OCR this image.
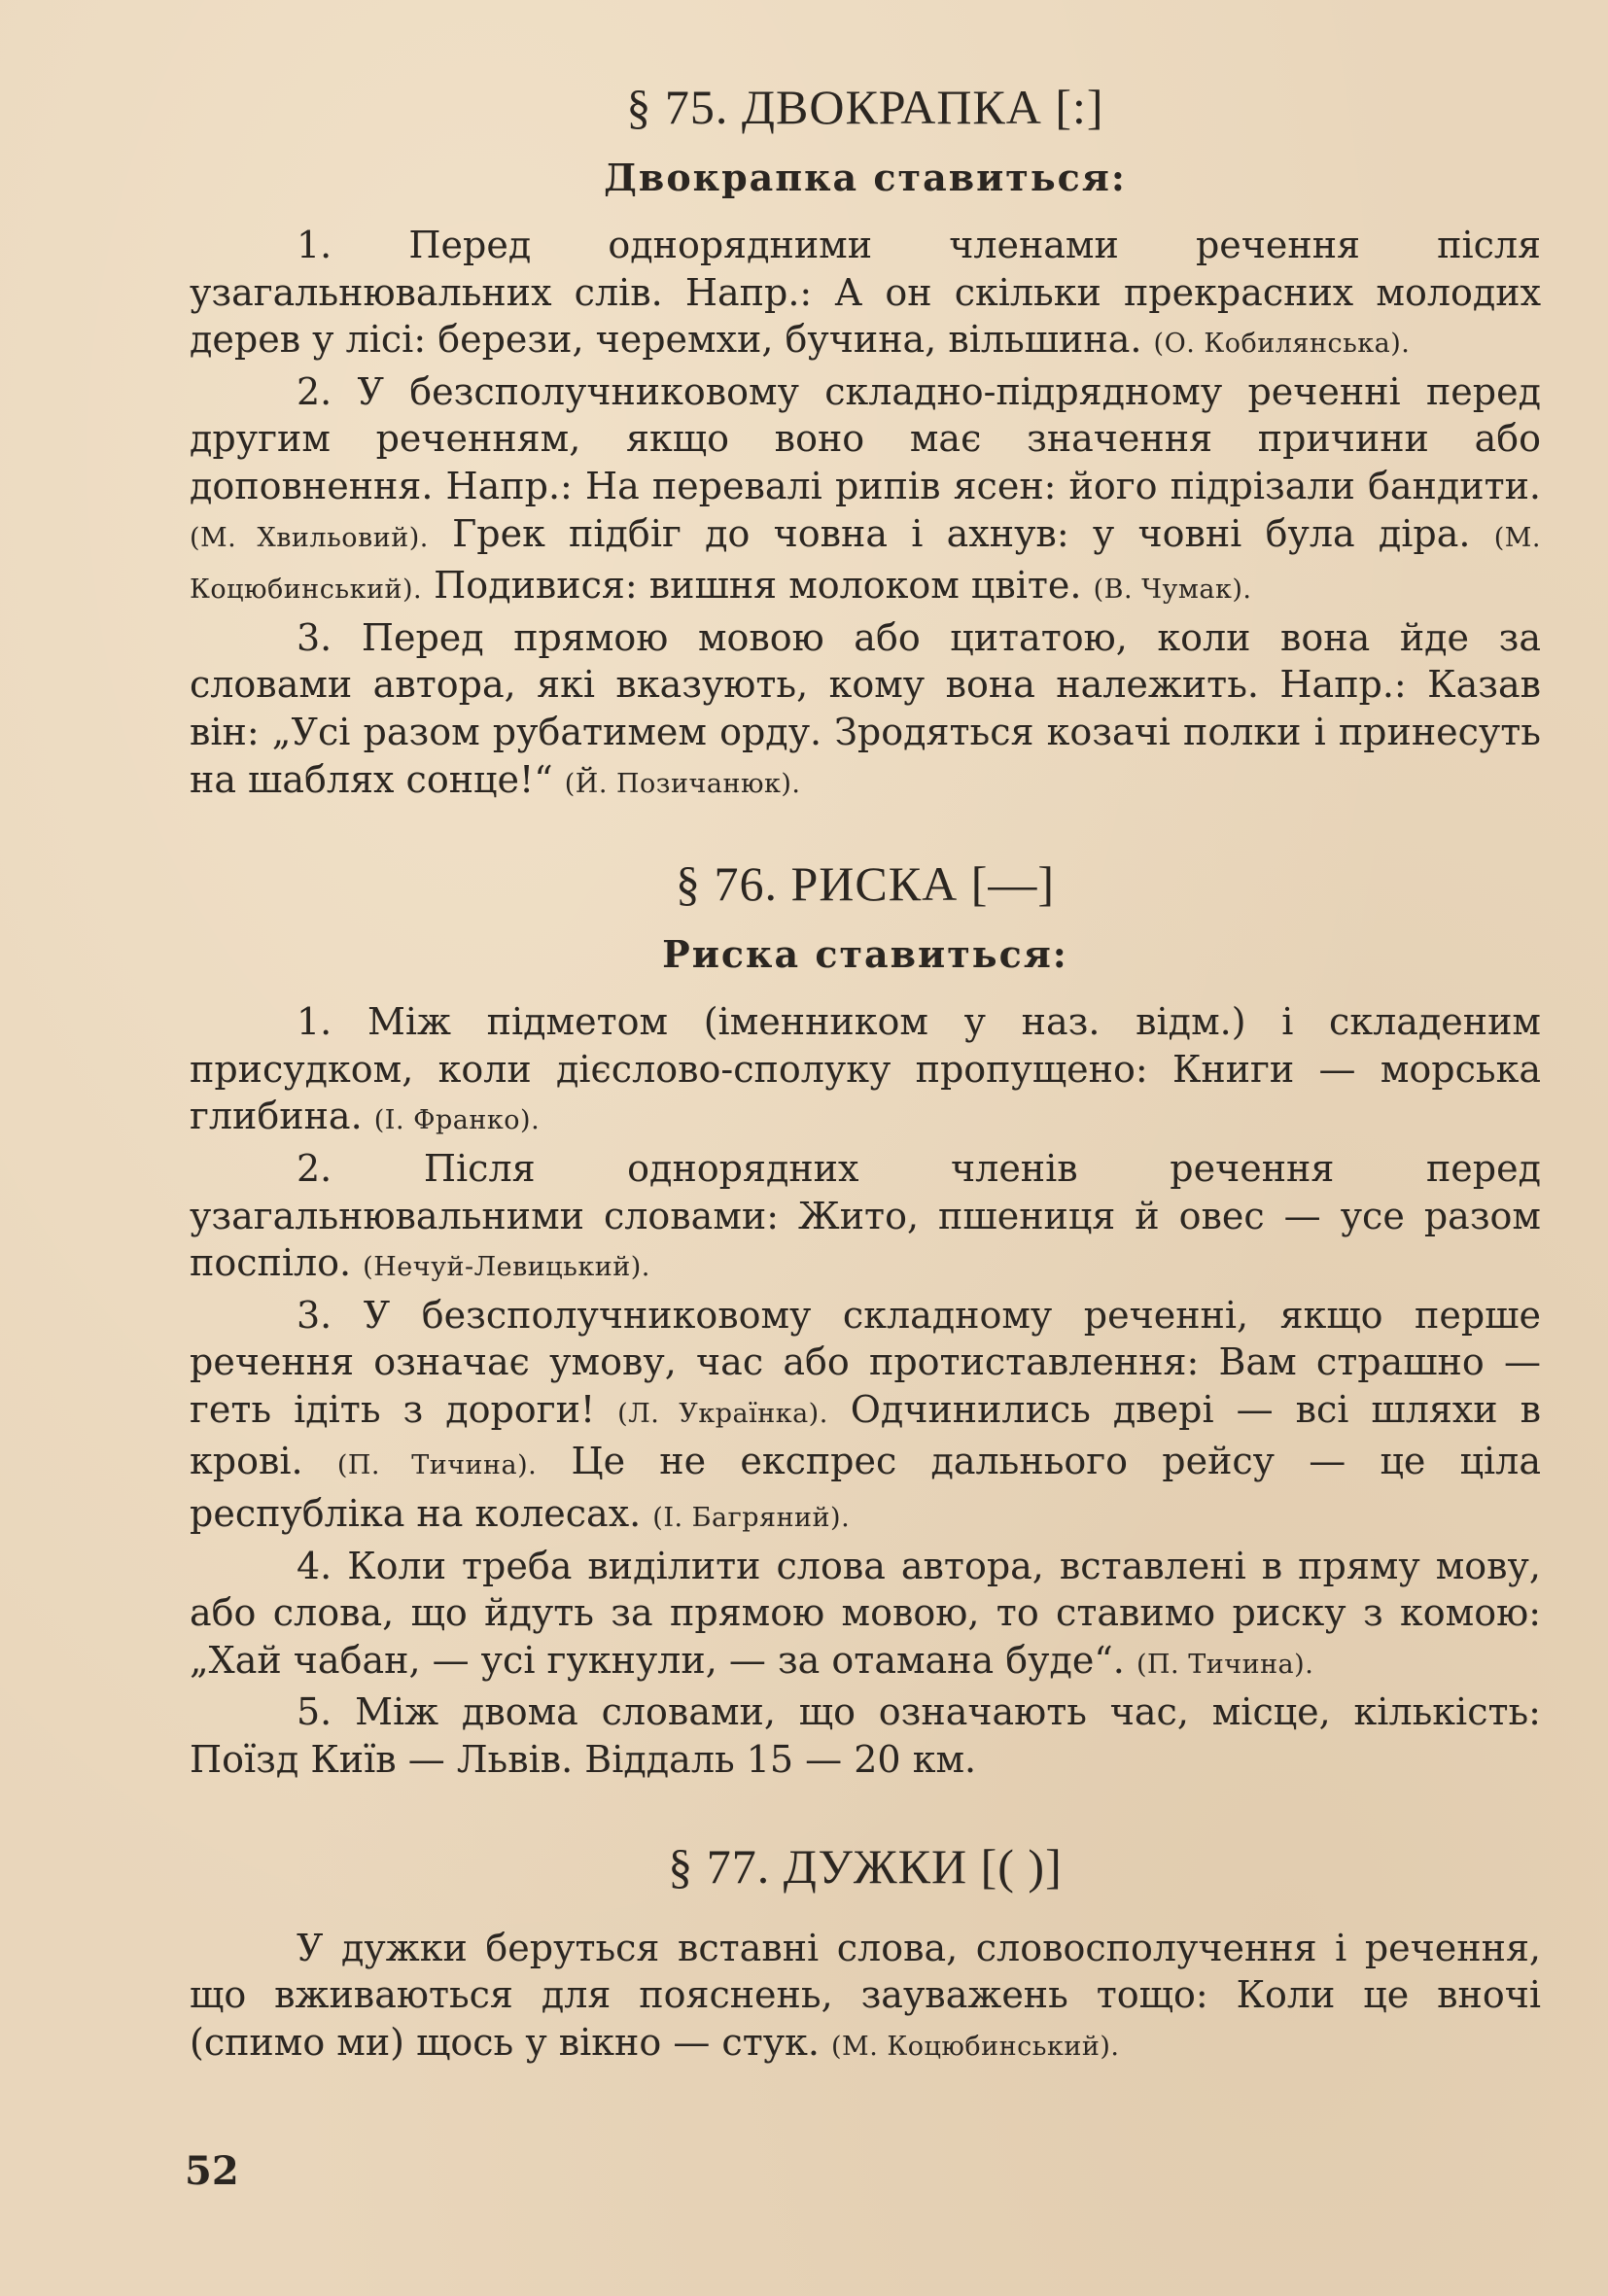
§ 75. ДВОКРАПКА [:]
Двокрапка ставиться:

1. Перед однорядними членами речення після узагальнювальних слів. Напр.: А он скільки прекрасних молодих дерев у лісі: берези, черемхи, бучина, вільшина. (О. Кобилянська).

2. У безсполучниковому складно-підрядному реченні перед другим реченням, якщо воно має значення причини або доповнення. Напр.: На перевалі рипів ясен: його підрізали бандити. (М. Хвильовий). Грек підбіг до човна і ахнув: у човні була діра. (М. Коцюбинський). Подивися: вишня молоком цвіте. (В. Чумак).

3. Перед прямою мовою або цитатою, коли вона йде за словами автора, які вказують, кому вона належить. Напр.: Казав він: „Усі разом рубатимем орду. Зродяться козачі полки і принесуть на шаблях сонце!“ (Й. Позичанюк).

§ 76. РИСКА [—]
Риска ставиться:

1. Між підметом (іменником у наз. відм.) і складеним присудком, коли дієслово-сполуку пропущено: Книги — морська глибина. (І. Франко).

2. Після однорядних членів речення перед узагальнювальними словами: Жито, пшениця й овес — усе разом поспіло. (Нечуй-Левицький).

3. У безсполучниковому складному реченні, якщо перше речення означає умову, час або протиставлення: Вам страшно — геть ідіть з дороги! (Л. Українка). Одчинились двері — всі шляхи в крові. (П. Тичина). Це не експрес дальнього рейсу — це ціла республіка на колесах. (І. Багряний).

4. Коли треба виділити слова автора, вставлені в пряму мову, або слова, що йдуть за прямою мовою, то ставимо риску з комою: „Хай чабан, — усі гукнули, — за отамана буде“. (П. Тичина).

5. Між двома словами, що означають час, місце, кількість: Поїзд Київ — Львів. Віддаль 15 — 20 км.

§ 77. ДУЖКИ [( )]

У дужки беруться вставні слова, словосполучення і речення, що вживаються для пояснень, зауважень тощо: Коли це вночі (спимо ми) щось у вікно — стук. (М. Коцюбинський).

52
